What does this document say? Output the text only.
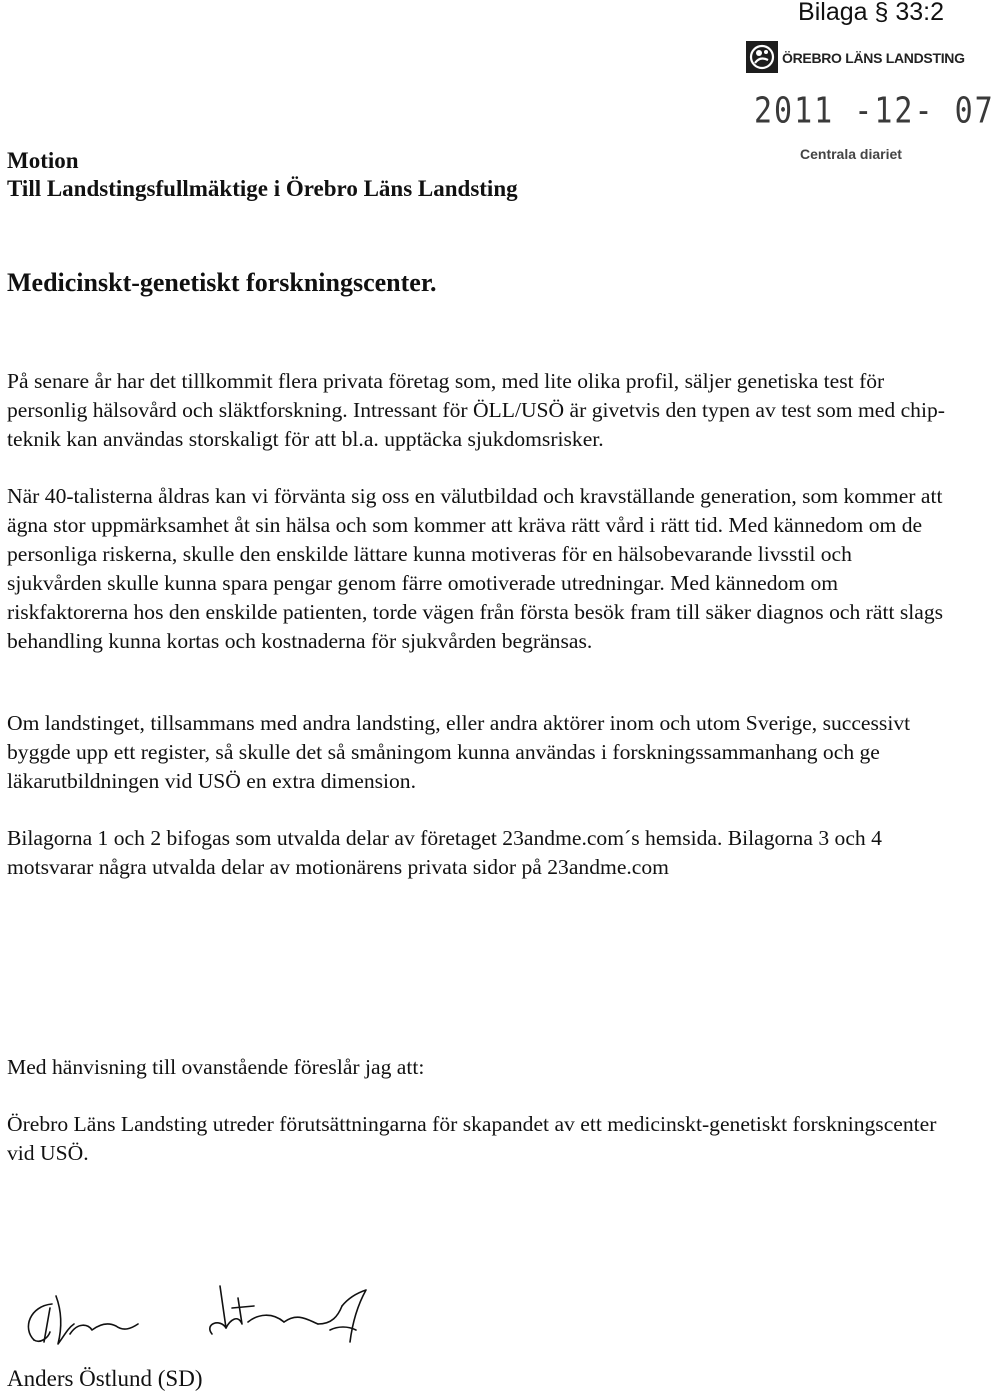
Bilaga § 33:2
ÖREBRO LÄNS LANDSTING
2011 -12- 07
Centrala diariet
Motion
Till Landstingsfullmäktige i Örebro Läns Landsting
Medicinskt-genetiskt forskningscenter.

På senare år har det tillkommit flera privata företag som, med lite olika profil, säljer genetiska test för personlig hälsovård och släktforskning. Intressant för ÖLL/USÖ är givetvis den typen av test som med chip-teknik kan användas storskaligt för att bl.a. upptäcka sjukdomsrisker.

När 40-talisterna åldras kan vi förvänta sig oss en välutbildad och kravställande generation, som kommer att ägna stor uppmärksamhet åt sin hälsa och som kommer att kräva rätt vård i rätt tid. Med kännedom om de personliga riskerna, skulle den enskilde lättare kunna motiveras för en hälsobevarande livsstil och sjukvården skulle kunna spara pengar genom färre omotiverade utredningar. Med kännedom om riskfaktorerna hos den enskilde patienten, torde vägen från första besök fram till säker diagnos och rätt slags behandling kunna kortas och kostnaderna för sjukvården begränsas.

Om landstinget, tillsammans med andra landsting, eller andra aktörer inom och utom Sverige, successivt byggde upp ett register, så skulle det så småningom kunna användas i forskningssammanhang och ge läkarutbildningen vid USÖ en extra dimension.

Bilagorna 1 och 2 bifogas som utvalda delar av företaget 23andme.com´s hemsida. Bilagorna 3 och 4 motsvarar några utvalda delar av motionärens privata sidor på 23andme.com

Med hänvisning till ovanstående föreslår jag att:

Örebro Läns Landsting utreder förutsättningarna för skapandet av ett medicinskt-genetiskt forskningscenter vid USÖ.

Anders Östlund (SD)
